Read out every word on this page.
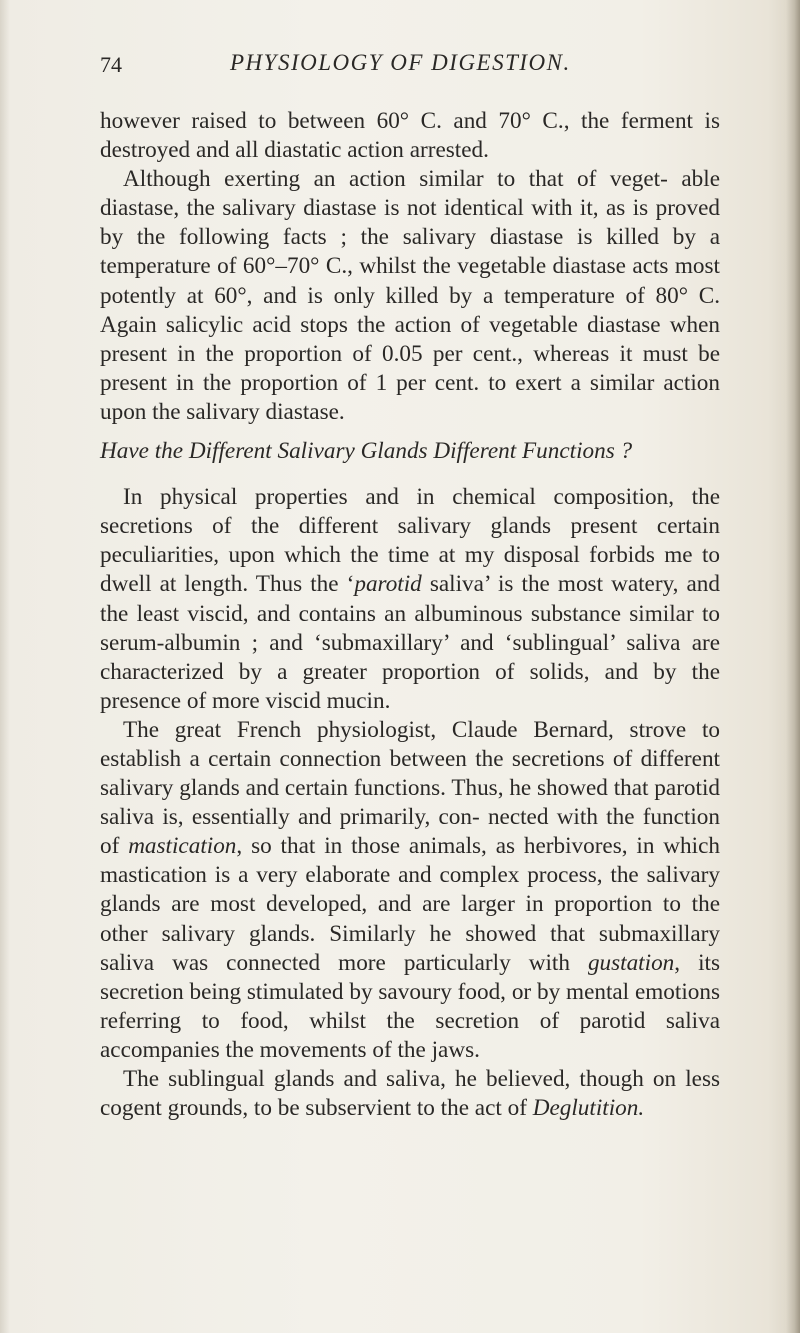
74	PHYSIOLOGY OF DIGESTION.

however raised to between 60° C. and 70° C., the ferment is destroyed and all diastatic action arrested.

Although exerting an action similar to that of veget- able diastase, the salivary diastase is not identical with it, as is proved by the following facts ; the salivary diastase is killed by a temperature of 60°–70° C., whilst the vegetable diastase acts most potently at 60°, and is only killed by a temperature of 80° C. Again salicylic acid stops the action of vegetable diastase when present in the proportion of 0.05 per cent., whereas it must be present in the proportion of 1 per cent. to exert a similar action upon the salivary diastase.

Have the Different Salivary Glands Different Functions ?

In physical properties and in chemical composition, the secretions of the different salivary glands present certain peculiarities, upon which the time at my disposal forbids me to dwell at length. Thus the ‘parotid saliva’ is the most watery, and the least viscid, and contains an albuminous substance similar to serum-albumin ; and ‘submaxillary’ and ‘sublingual’ saliva are characterized by a greater proportion of solids, and by the presence of more viscid mucin.

The great French physiologist, Claude Bernard, strove to establish a certain connection between the secretions of different salivary glands and certain functions. Thus, he showed that parotid saliva is, essentially and primarily, con- nected with the function of mastication, so that in those animals, as herbivores, in which mastication is a very elaborate and complex process, the salivary glands are most developed, and are larger in proportion to the other salivary glands. Similarly he showed that submaxillary saliva was connected more particularly with gustation, its secretion being stimulated by savoury food, or by mental emotions referring to food, whilst the secretion of parotid saliva accompanies the movements of the jaws.

The sublingual glands and saliva, he believed, though on less cogent grounds, to be subservient to the act of Deglutition.
